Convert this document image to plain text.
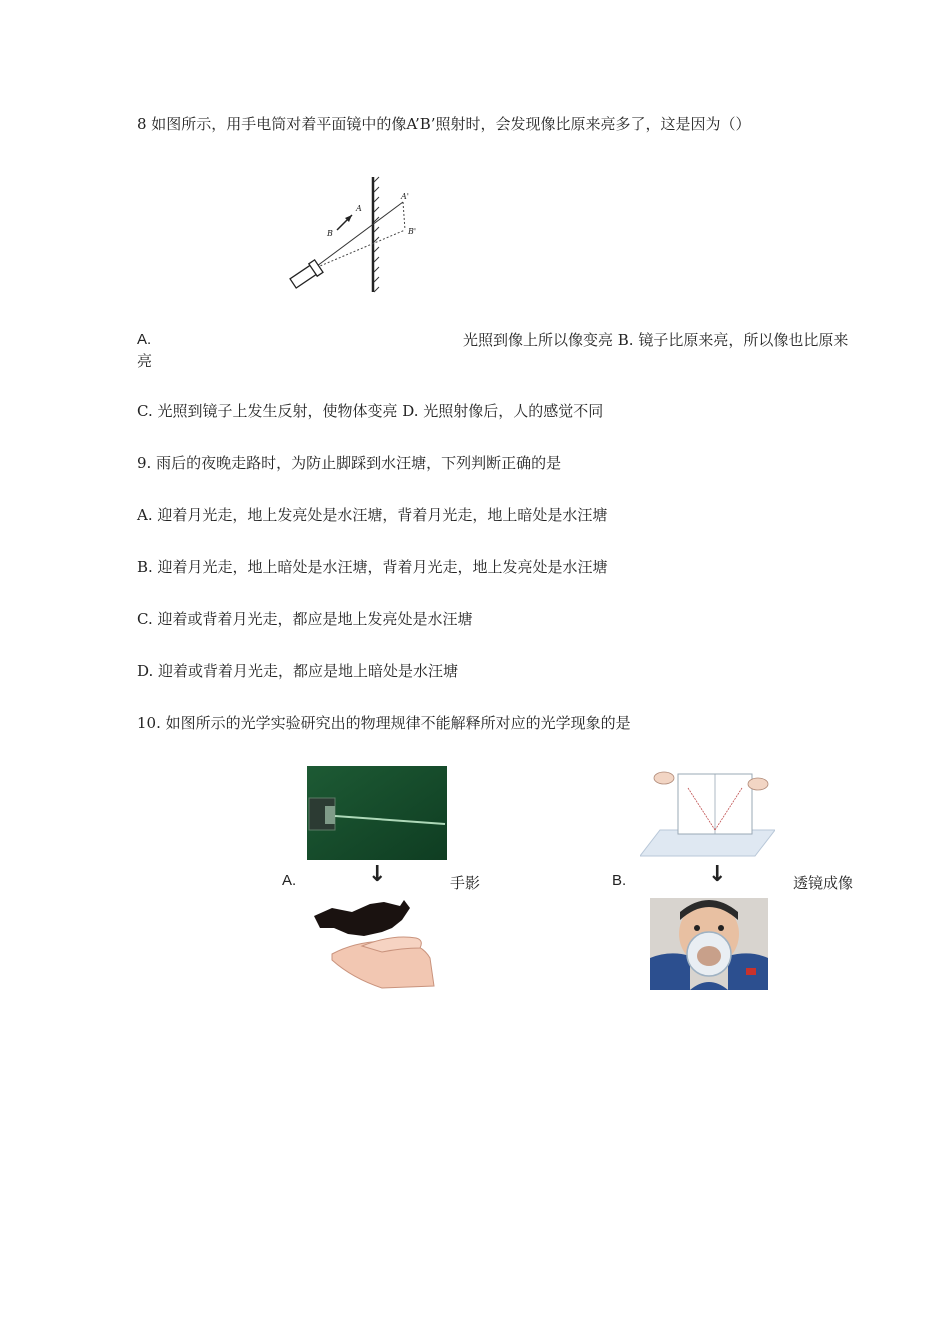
8 如图所示，用手电筒对着平面镜中的像A’B’照射时，会发现像比原来亮多了，这是因为（）
A
B
A'
B'
A.	光照到像上所以像变亮 B. 镜子比原来亮，所以像也比原来
亮
C. 光照到镜子上发生反射，使物体变亮 D. 光照射像后，人的感觉不同
9. 雨后的夜晚走路时，为防止脚踩到水汪塘，下列判断正确的是
A. 迎着月光走，地上发亮处是水汪塘，背着月光走，地上暗处是水汪塘
B. 迎着月光走，地上暗处是水汪塘，背着月光走，地上发亮处是水汪塘
C. 迎着或背着月光走，都应是地上发亮处是水汪塘
D. 迎着或背着月光走，都应是地上暗处是水汪塘
10. 如图所示的光学实验研究出的物理规律不能解释所对应的光学现象的是
A.	↓	手影	B.	↓	透镜成像
